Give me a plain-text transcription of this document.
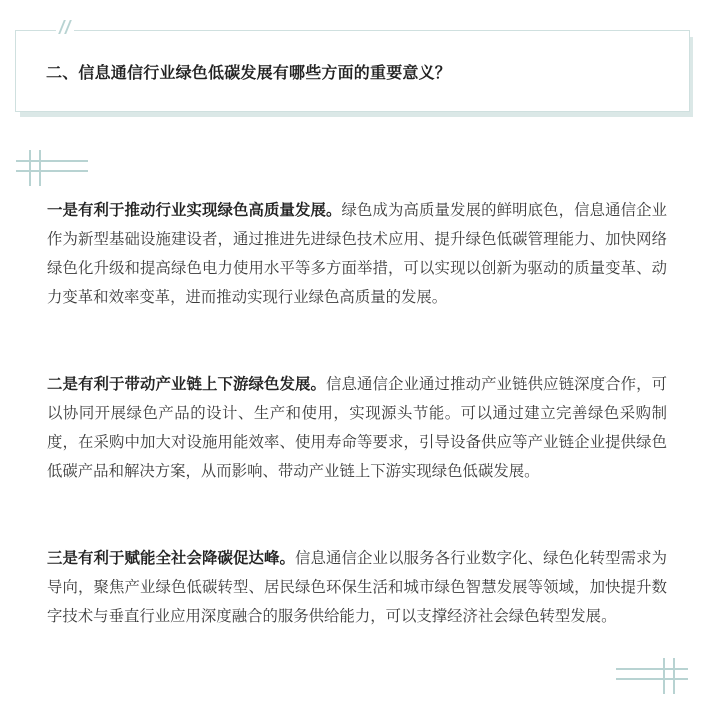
二、信息通信行业绿色低碳发展有哪些方面的重要意义？

一是有利于推动行业实现绿色高质量发展。绿色成为高质量发展的鲜明底色，信息通信企业作为新型基础设施建设者，通过推进先进绿色技术应用、提升绿色低碳管理能力、加快网络绿色化升级和提高绿色电力使用水平等多方面举措，可以实现以创新为驱动的质量变革、动力变革和效率变革，进而推动实现行业绿色高质量的发展。

二是有利于带动产业链上下游绿色发展。信息通信企业通过推动产业链供应链深度合作，可以协同开展绿色产品的设计、生产和使用，实现源头节能。可以通过建立完善绿色采购制度，在采购中加大对设施用能效率、使用寿命等要求，引导设备供应等产业链企业提供绿色低碳产品和解决方案，从而影响、带动产业链上下游实现绿色低碳发展。

三是有利于赋能全社会降碳促达峰。信息通信企业以服务各行业数字化、绿色化转型需求为导向，聚焦产业绿色低碳转型、居民绿色环保生活和城市绿色智慧发展等领域，加快提升数字技术与垂直行业应用深度融合的服务供给能力，可以支撑经济社会绿色转型发展。
